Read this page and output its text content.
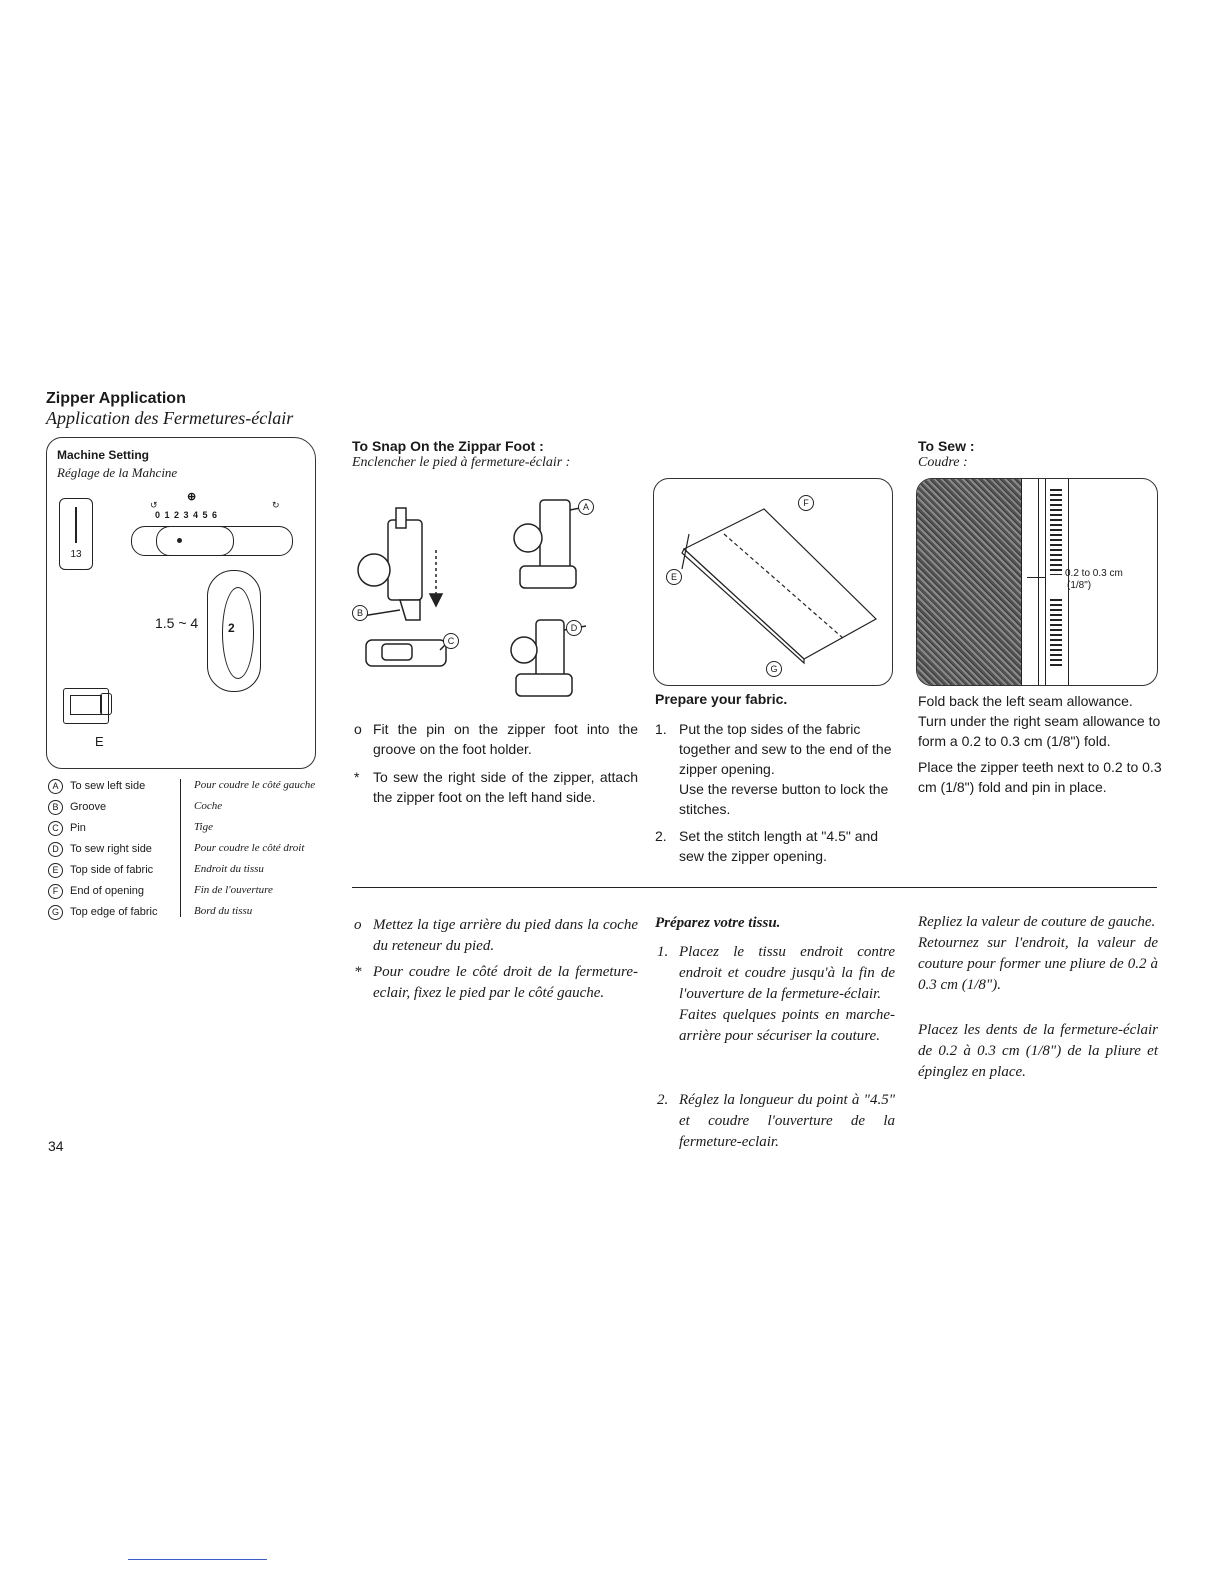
Zipper Application
Application des Fermetures-éclair
Machine Setting
Réglage de la Mahcine
13
⊕
↺	↻
0 1 2 3 4 5 6
1.5 ~ 4 2
E
A	To sew left side	Pour coudre le côté gauche
B	Groove	Coche
C	Pin	Tige
D	To sew right side	Pour coudre le côté droit
E	Top side of fabric	Endroit du tissu
F	End of opening	Fin de l'ouverture
G	Top edge of fabric	Bord du tissu
To Snap On the Zippar Foot :
Enclencher le pied à fermeture-éclair :
A
B
C
D
F
E
G
To Sew :
Coudre :
0.2 to 0.3 cm
(1/8")
Prepare your fabric.
o Fit the pin on the zipper foot into the groove on the foot holder.
* To sew the right side of the zipper, attach the zipper foot on the left hand side.
1. Put the top sides of the fabric together and sew to the end of the zipper opening.
Use the reverse button to lock the stitches.
2. Set the stitch length at "4.5" and sew the zipper opening.
Fold back the left seam allowance. Turn under the right seam allowance to form a 0.2 to 0.3 cm (1/8") fold.
Place the zipper teeth next to 0.2 to 0.3 cm (1/8") fold and pin in place.
Préparez votre tissu.
o Mettez la tige arrière du pied dans la coche du reteneur du pied.
* Pour coudre le côté droit de la fermeture-eclair, fixez le pied par le côté gauche.
1. Placez le tissu endroit contre endroit et coudre jusqu'à la fin de l'ouverture de la fermeture-éclair.
Faites quelques points en marche-arrière pour sécuriser la couture.
2. Réglez la longueur du point à "4.5" et coudre l'ouverture de la fermeture-eclair.
Repliez la valeur de couture de gauche.
Retournez sur l'endroit, la valeur de couture pour former une pliure de 0.2 à 0.3 cm (1/8").
Placez les dents de la fermeture-éclair de 0.2 à 0.3 cm (1/8") de la pliure et épinglez en place.
34
